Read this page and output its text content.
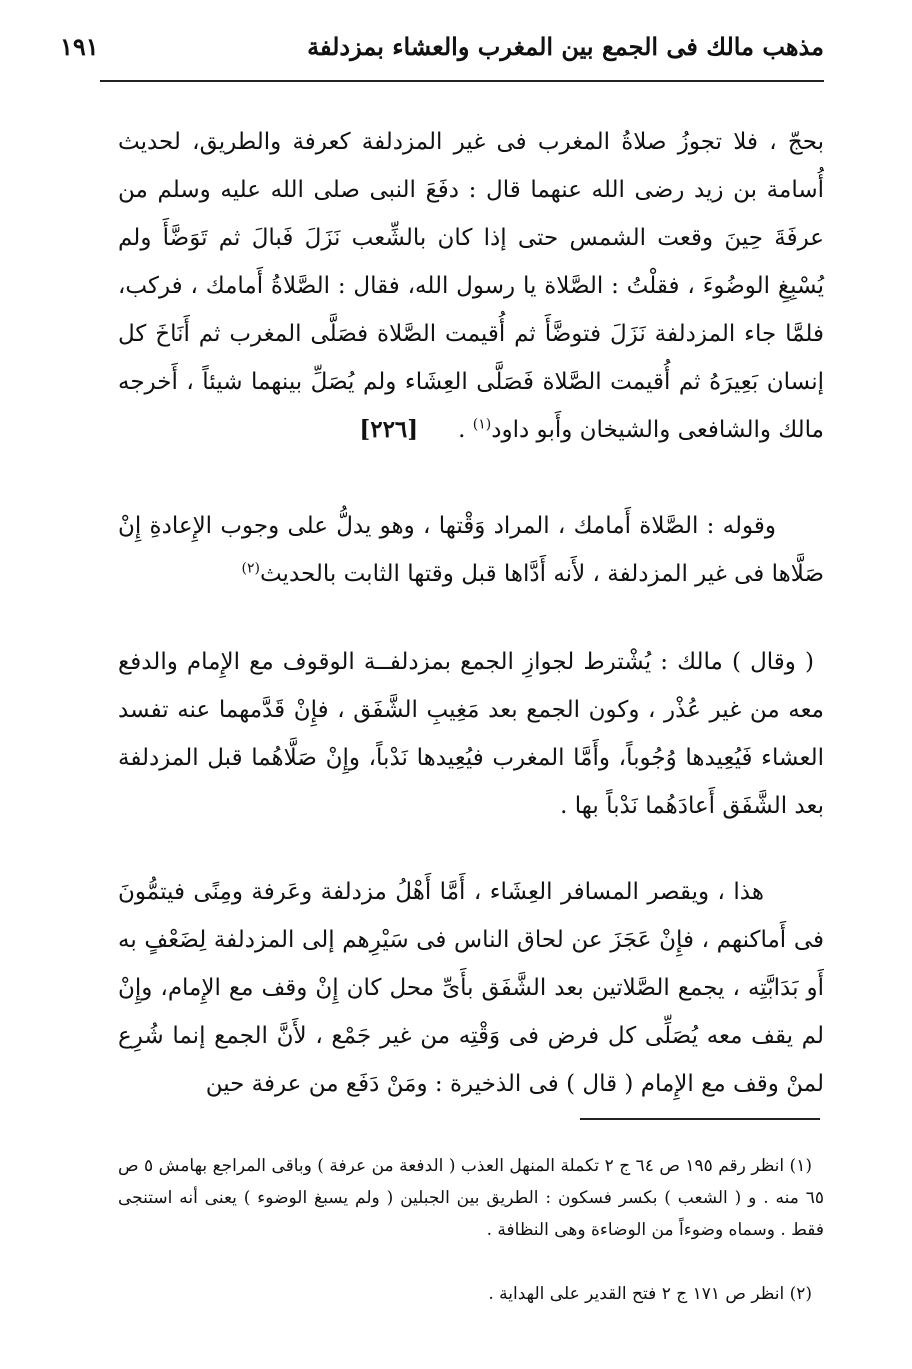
مذهب مالك فى الجمع بين المغرب والعشاء بمزدلفة
١٩١

بحجّ ، فلا تجوزُ صلاةُ المغرب فى غير المزدلفة كعرفة والطريق، لحديث أُسامة بن زيد رضى الله عنهما قال : دفَعَ النبى صلى الله عليه وسلم من عرفَةَ حِينَ وقعت الشمس حتى إذا كان بالشِّعب نَزَلَ فَبالَ ثم تَوَضَّأَ ولم يُسْبِغِ الوضُوءَ ، فقلْتُ : الصَّلاة يا رسول الله، فقال : الصَّلاةُ أَمامك ، فركب، فلمَّا جاء المزدلفة نَزَلَ فتوضَّأَ ثم أُقيمت الصَّلاة فصَلَّى المغرب ثم أَنَاخَ كل إنسان بَعِيرَهُ ثم أُقيمت الصَّلاة فَصَلَّى العِشَاء ولم يُصَلِّ بينهما شيئاً ، أَخرجه مالك والشافعى والشيخان وأَبو داود$^{(١)}$ .[٢٢٦]

وقوله : الصَّلاة أَمامك ، المراد وَقْتها ، وهو يدلُّ على وجوب الإِعادةِ إِنْ صَلَّاها فى غير المزدلفة ، لأَنه أَدَّاها قبل وقتها الثابت بالحديث$^{(٢)}$

( وقال ) مالك : يُشْترط لجوازِ الجمع بمزدلفــة الوقوف مع الإِمام والدفع معه من غير عُذْر ، وكون الجمع بعد مَغِيبِ الشَّفَق ، فإِنْ قَدَّمهما عنه تفسد العشاء فَيُعِيدها وُجُوباً، وأَمَّا المغرب فيُعِيدها نَدْباً، وإِنْ صَلَّاهُما قبل المزدلفة بعد الشَّفَق أَعادَهُما نَدْباً بها .

هذا ، ويقصر المسافر العِشَاء ، أَمَّا أَهْلُ مزدلفة وعَرفة ومِنًى فيتمُّونَ فى أَماكنهم ، فإِنْ عَجَزَ عن لحاق الناس فى سَيْرِهم إلى المزدلفة لِضَعْفٍ به أَو بَدَابَّتِه ، يجمع الصَّلاتين بعد الشَّفَق بأَىِّ محل كان إِنْ وقف مع الإِمام، وإِنْ لم يقف معه يُصَلِّى كل فرض فى وَقْتِه من غير جَمْع ، لأَنَّ الجمع إنما شُرِع لمنْ وقف مع الإِمام ( قال ) فى الذخيرة : ومَنْ دَفَع من عرفة حين

(١) انظر رقم ١٩٥ ص ٦٤ ج ٢ تكملة المنهل العذب ( الدفعة من عرفة ) وباقى المراجع بهامش ٥ ص ٦٥ منه . و ( الشعب ) بكسر فسكون : الطريق بين الجبلين ( ولم يسبغ الوضوء ) يعنى أنه استنجى فقط . وسماه وضوءاً من الوضاءة وهى النظافة .

(٢) انظر ص ١٧١ ج ٢ فتح القدير على الهداية .
